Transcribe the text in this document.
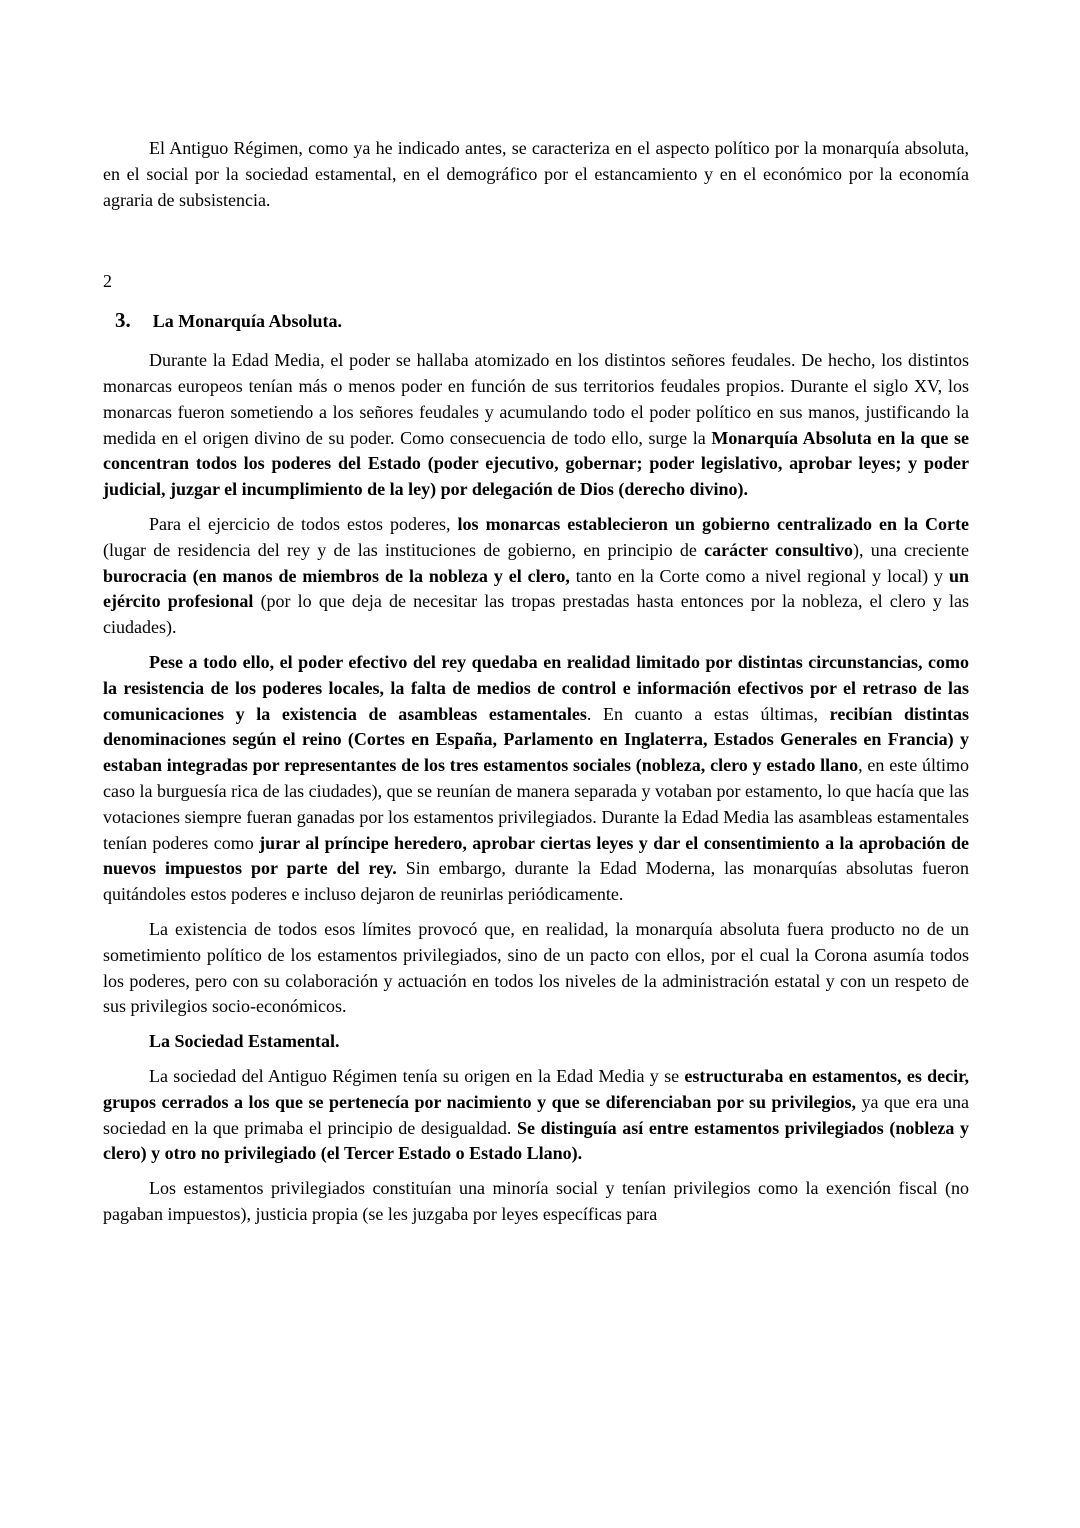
El Antiguo Régimen, como ya he indicado antes, se caracteriza en el aspecto político por la monarquía absoluta, en el social por la sociedad estamental, en el demográfico por el estancamiento y en el económico por la economía agraria de subsistencia.

2

3. La Monarquía Absoluta.

Durante la Edad Media, el poder se hallaba atomizado en los distintos señores feudales. De hecho, los distintos monarcas europeos tenían más o menos poder en función de sus territorios feudales propios. Durante el siglo XV, los monarcas fueron sometiendo a los señores feudales y acumulando todo el poder político en sus manos, justificando la medida en el origen divino de su poder. Como consecuencia de todo ello, surge la Monarquía Absoluta en la que se concentran todos los poderes del Estado (poder ejecutivo, gobernar; poder legislativo, aprobar leyes; y poder judicial, juzgar el incumplimiento de la ley) por delegación de Dios (derecho divino).

Para el ejercicio de todos estos poderes, los monarcas establecieron un gobierno centralizado en la Corte (lugar de residencia del rey y de las instituciones de gobierno, en principio de carácter consultivo), una creciente burocracia (en manos de miembros de la nobleza y el clero, tanto en la Corte como a nivel regional y local) y un ejército profesional (por lo que deja de necesitar las tropas prestadas hasta entonces por la nobleza, el clero y las ciudades).

Pese a todo ello, el poder efectivo del rey quedaba en realidad limitado por distintas circunstancias, como la resistencia de los poderes locales, la falta de medios de control e información efectivos por el retraso de las comunicaciones y la existencia de asambleas estamentales. En cuanto a estas últimas, recibían distintas denominaciones según el reino (Cortes en España, Parlamento en Inglaterra, Estados Generales en Francia) y estaban integradas por representantes de los tres estamentos sociales (nobleza, clero y estado llano, en este último caso la burguesía rica de las ciudades), que se reunían de manera separada y votaban por estamento, lo que hacía que las votaciones siempre fueran ganadas por los estamentos privilegiados. Durante la Edad Media las asambleas estamentales tenían poderes como jurar al príncipe heredero, aprobar ciertas leyes y dar el consentimiento a la aprobación de nuevos impuestos por parte del rey. Sin embargo, durante la Edad Moderna, las monarquías absolutas fueron quitándoles estos poderes e incluso dejaron de reunirlas periódicamente.

La existencia de todos esos límites provocó que, en realidad, la monarquía absoluta fuera producto no de un sometimiento político de los estamentos privilegiados, sino de un pacto con ellos, por el cual la Corona asumía todos los poderes, pero con su colaboración y actuación en todos los niveles de la administración estatal y con un respeto de sus privilegios socio-económicos.

La Sociedad Estamental.

La sociedad del Antiguo Régimen tenía su origen en la Edad Media y se estructuraba en estamentos, es decir, grupos cerrados a los que se pertenecía por nacimiento y que se diferenciaban por su privilegios, ya que era una sociedad en la que primaba el principio de desigualdad. Se distinguía así entre estamentos privilegiados (nobleza y clero) y otro no privilegiado (el Tercer Estado o Estado Llano).

Los estamentos privilegiados constituían una minoría social y tenían privilegios como la exención fiscal (no pagaban impuestos), justicia propia (se les juzgaba por leyes específicas para
